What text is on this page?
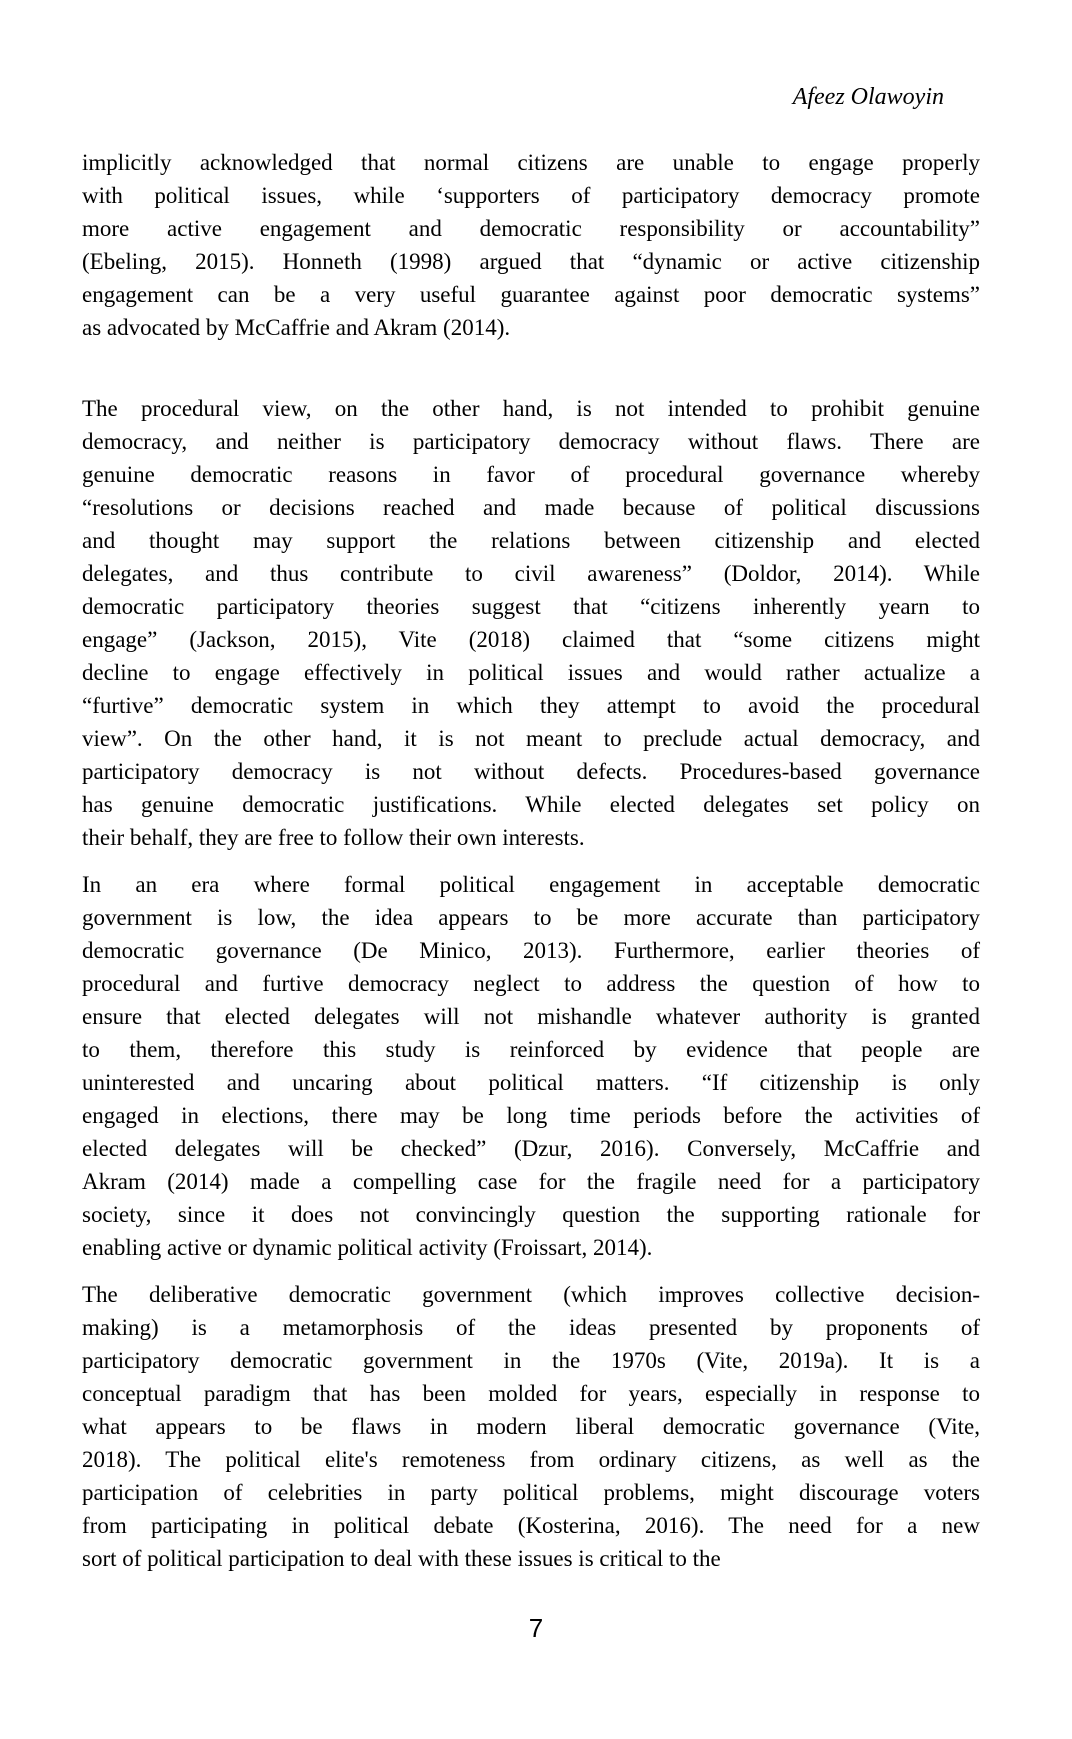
Afeez Olawoyin
implicitly acknowledged that normal citizens are unable to engage properly
with political issues, while ‘supporters of participatory democracy promote
more active engagement and democratic responsibility or accountability”
(Ebeling, 2015). Honneth (1998) argued that “dynamic or active citizenship
engagement can be a very useful guarantee against poor democratic systems”
as advocated by McCaffrie and Akram (2014).
The procedural view, on the other hand, is not intended to prohibit genuine
democracy, and neither is participatory democracy without flaws. There are
genuine democratic reasons in favor of procedural governance whereby
“resolutions or decisions reached and made because of political discussions
and thought may support the relations between citizenship and elected
delegates, and thus contribute to civil awareness” (Doldor, 2014). While
democratic participatory theories suggest that “citizens inherently yearn to
engage” (Jackson, 2015), Vite (2018) claimed that “some citizens might
decline to engage effectively in political issues and would rather actualize a
“furtive” democratic system in which they attempt to avoid the procedural
view”. On the other hand, it is not meant to preclude actual democracy, and
participatory democracy is not without defects. Procedures-based governance
has genuine democratic justifications. While elected delegates set policy on
their behalf, they are free to follow their own interests.
In an era where formal political engagement in acceptable democratic
government is low, the idea appears to be more accurate than participatory
democratic governance (De Minico, 2013). Furthermore, earlier theories of
procedural and furtive democracy neglect to address the question of how to
ensure that elected delegates will not mishandle whatever authority is granted
to them, therefore this study is reinforced by evidence that people are
uninterested and uncaring about political matters. “If citizenship is only
engaged in elections, there may be long time periods before the activities of
elected delegates will be checked” (Dzur, 2016). Conversely, McCaffrie and
Akram (2014) made a compelling case for the fragile need for a participatory
society, since it does not convincingly question the supporting rationale for
enabling active or dynamic political activity (Froissart, 2014).
The deliberative democratic government (which improves collective decision-
making) is a metamorphosis of the ideas presented by proponents of
participatory democratic government in the 1970s (Vite, 2019a). It is a
conceptual paradigm that has been molded for years, especially in response to
what appears to be flaws in modern liberal democratic governance (Vite,
2018). The political elite's remoteness from ordinary citizens, as well as the
participation of celebrities in party political problems, might discourage voters
from participating in political debate (Kosterina, 2016). The need for a new
sort of political participation to deal with these issues is critical to the
7
